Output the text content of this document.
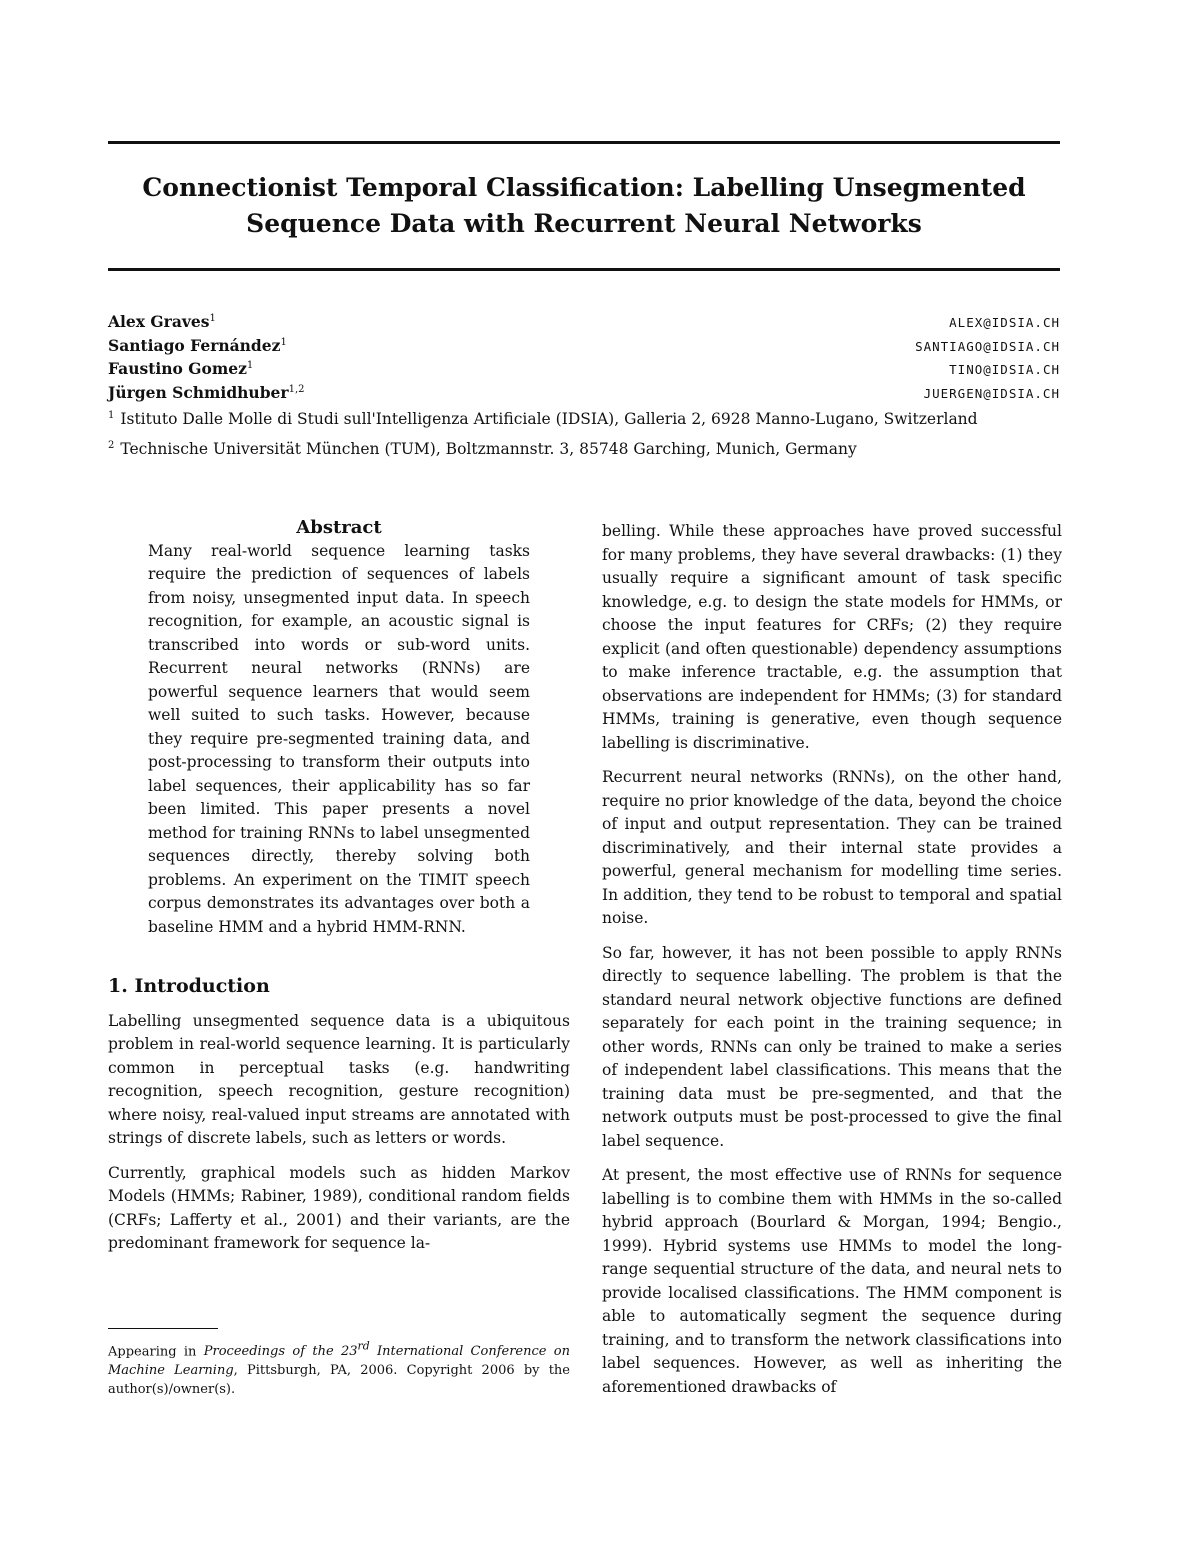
Connectionist Temporal Classification: Labelling Unsegmented
Sequence Data with Recurrent Neural Networks
Alex Graves$^1$	ALEX@IDSIA.CH
Santiago Fernández$^1$	SANTIAGO@IDSIA.CH
Faustino Gomez$^1$	TINO@IDSIA.CH
Jürgen Schmidhuber$^{1,2}$	JUERGEN@IDSIA.CH
$^1$ Istituto Dalle Molle di Studi sull'Intelligenza Artificiale (IDSIA), Galleria 2, 6928 Manno-Lugano, Switzerland
$^2$ Technische Universität München (TUM), Boltzmannstr. 3, 85748 Garching, Munich, Germany

Abstract

Many real-world sequence learning tasks require the prediction of sequences of labels from noisy, unsegmented input data. In speech recognition, for example, an acoustic signal is transcribed into words or sub-word units. Recurrent neural networks (RNNs) are powerful sequence learners that would seem well suited to such tasks. However, because they require pre-segmented training data, and post-processing to transform their outputs into label sequences, their applicability has so far been limited. This paper presents a novel method for training RNNs to label unsegmented sequences directly, thereby solving both problems. An experiment on the TIMIT speech corpus demonstrates its advantages over both a baseline HMM and a hybrid HMM-RNN.

1. Introduction

Labelling unsegmented sequence data is a ubiquitous problem in real-world sequence learning. It is particularly common in perceptual tasks (e.g. handwriting recognition, speech recognition, gesture recognition) where noisy, real-valued input streams are annotated with strings of discrete labels, such as letters or words.

Currently, graphical models such as hidden Markov Models (HMMs; Rabiner, 1989), conditional random fields (CRFs; Lafferty et al., 2001) and their variants, are the predominant framework for sequence la-

Appearing in Proceedings of the 23rd International Conference on Machine Learning, Pittsburgh, PA, 2006. Copyright 2006 by the author(s)/owner(s).

belling. While these approaches have proved successful for many problems, they have several drawbacks: (1) they usually require a significant amount of task specific knowledge, e.g. to design the state models for HMMs, or choose the input features for CRFs; (2) they require explicit (and often questionable) dependency assumptions to make inference tractable, e.g. the assumption that observations are independent for HMMs; (3) for standard HMMs, training is generative, even though sequence labelling is discriminative.

Recurrent neural networks (RNNs), on the other hand, require no prior knowledge of the data, beyond the choice of input and output representation. They can be trained discriminatively, and their internal state provides a powerful, general mechanism for modelling time series. In addition, they tend to be robust to temporal and spatial noise.

So far, however, it has not been possible to apply RNNs directly to sequence labelling. The problem is that the standard neural network objective functions are defined separately for each point in the training sequence; in other words, RNNs can only be trained to make a series of independent label classifications. This means that the training data must be pre-segmented, and that the network outputs must be post-processed to give the final label sequence.

At present, the most effective use of RNNs for sequence labelling is to combine them with HMMs in the so-called hybrid approach (Bourlard & Morgan, 1994; Bengio., 1999). Hybrid systems use HMMs to model the long-range sequential structure of the data, and neural nets to provide localised classifications. The HMM component is able to automatically segment the sequence during training, and to transform the network classifications into label sequences. However, as well as inheriting the aforementioned drawbacks of
